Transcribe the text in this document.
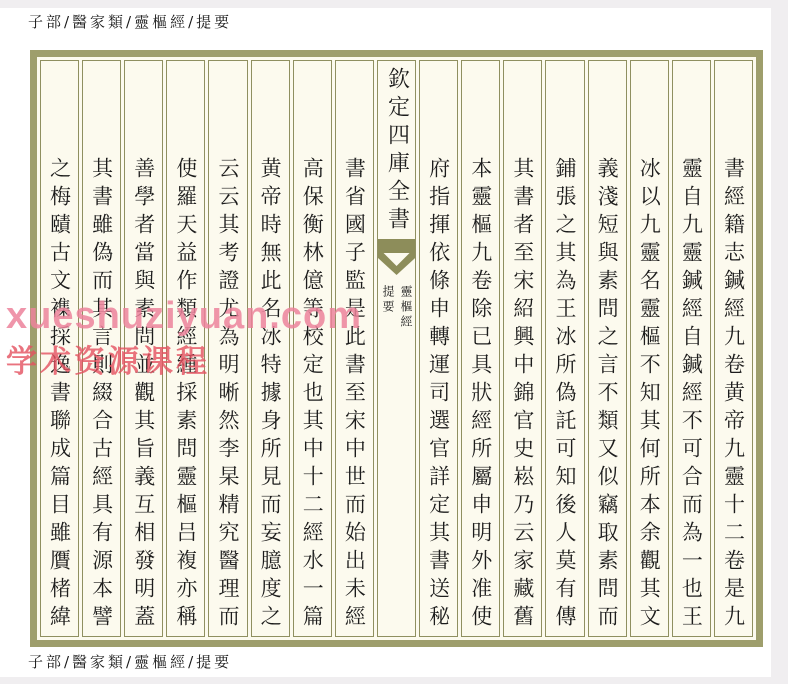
子部/醫家類/靈樞經/提要
書經籍志鍼經九卷黄帝九靈十二卷是九
靈自九靈鍼經自鍼經不可合而為一也王
冰以九靈名靈樞不知其何所本余觀其文
義淺短與素問之言不類又似竊取素問而
鋪張之其為王冰所偽託可知後人莫有傳
其書者至宋紹興中錦官史崧乃云家藏舊
本靈樞九卷除已具狀經所屬申明外准使
府指揮依條申轉運司選官詳定其書送秘
欽定四庫全書
靈樞經
提要
書省國子監是此書至宋中世而始出未經
高保衡林億等校定也其中十二經水一篇
黄帝時無此名冰特據身所見而妄臆度之
云云其考證尤為明晰然李杲精究醫理而
使羅天益作類經緟採素問靈樞吕複亦稱
善學者當與素問並觀其旨義互相發明蓋
其書雖偽而其言則綴合古經具有源本譬
之梅賾古文襍採逸書聯成篇目雖贋楮緯
xueshuziyuan.com
学术资源课程
子部/醫家類/靈樞經/提要
